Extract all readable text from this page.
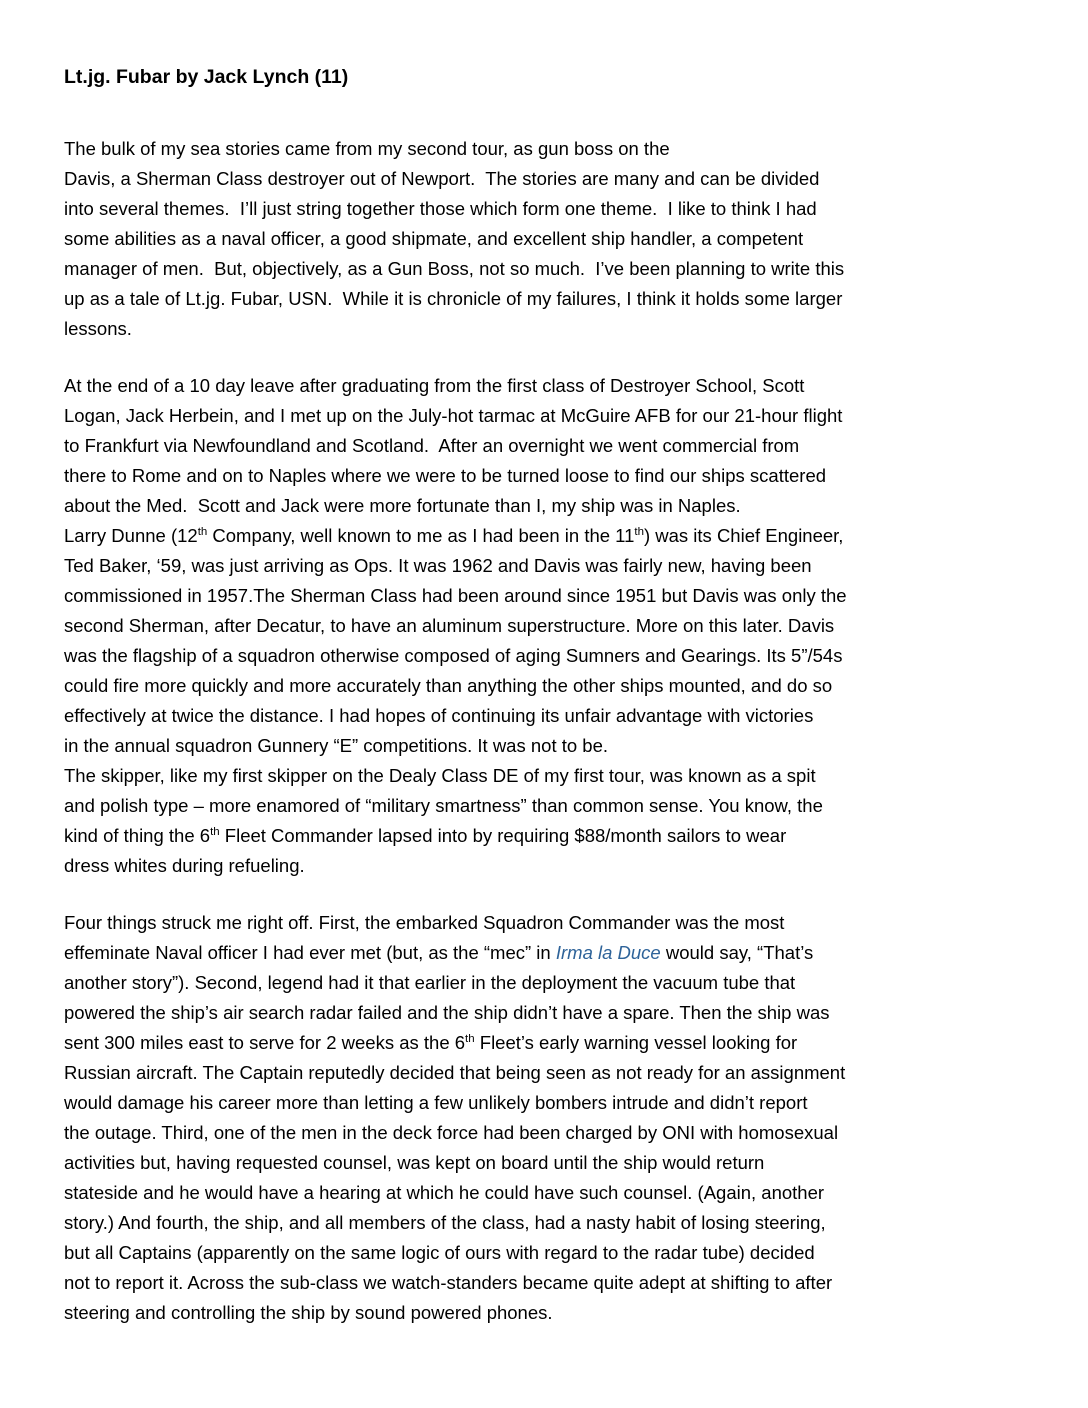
Lt.jg. Fubar by Jack Lynch (11)
The bulk of my sea stories came from my second tour, as gun boss on the
Davis, a Sherman Class destroyer out of Newport.  The stories are many and can be divided
into several themes.  I’ll just string together those which form one theme.  I like to think I had
some abilities as a naval officer, a good shipmate, and excellent ship handler, a competent
manager of men.  But, objectively, as a Gun Boss, not so much.  I’ve been planning to write this
up as a tale of Lt.jg. Fubar, USN.  While it is chronicle of my failures, I think it holds some larger
lessons.
At the end of a 10 day leave after graduating from the first class of Destroyer School, Scott
Logan, Jack Herbein, and I met up on the July-hot tarmac at McGuire AFB for our 21-hour flight
to Frankfurt via Newfoundland and Scotland.  After an overnight we went commercial from
there to Rome and on to Naples where we were to be turned loose to find our ships scattered
about the Med.  Scott and Jack were more fortunate than I, my ship was in Naples.
Larry Dunne (12th Company, well known to me as I had been in the 11th) was its Chief Engineer,
Ted Baker, ‘59, was just arriving as Ops. It was 1962 and Davis was fairly new, having been
commissioned in 1957.The Sherman Class had been around since 1951 but Davis was only the
second Sherman, after Decatur, to have an aluminum superstructure. More on this later. Davis
was the flagship of a squadron otherwise composed of aging Sumners and Gearings. Its 5”/54s
could fire more quickly and more accurately than anything the other ships mounted, and do so
effectively at twice the distance. I had hopes of continuing its unfair advantage with victories
in the annual squadron Gunnery “E” competitions. It was not to be.
The skipper, like my first skipper on the Dealy Class DE of my first tour, was known as a spit
and polish type – more enamored of “military smartness” than common sense. You know, the
kind of thing the 6th Fleet Commander lapsed into by requiring $88/month sailors to wear
dress whites during refueling.
Four things struck me right off. First, the embarked Squadron Commander was the most
effeminate Naval officer I had ever met (but, as the “mec” in Irma la Duce would say, “That’s
another story”). Second, legend had it that earlier in the deployment the vacuum tube that
powered the ship’s air search radar failed and the ship didn’t have a spare. Then the ship was
sent 300 miles east to serve for 2 weeks as the 6th Fleet’s early warning vessel looking for
Russian aircraft. The Captain reputedly decided that being seen as not ready for an assignment
would damage his career more than letting a few unlikely bombers intrude and didn’t report
the outage. Third, one of the men in the deck force had been charged by ONI with homosexual
activities but, having requested counsel, was kept on board until the ship would return
stateside and he would have a hearing at which he could have such counsel. (Again, another
story.) And fourth, the ship, and all members of the class, had a nasty habit of losing steering,
but all Captains (apparently on the same logic of ours with regard to the radar tube) decided
not to report it. Across the sub-class we watch-standers became quite adept at shifting to after
steering and controlling the ship by sound powered phones.
